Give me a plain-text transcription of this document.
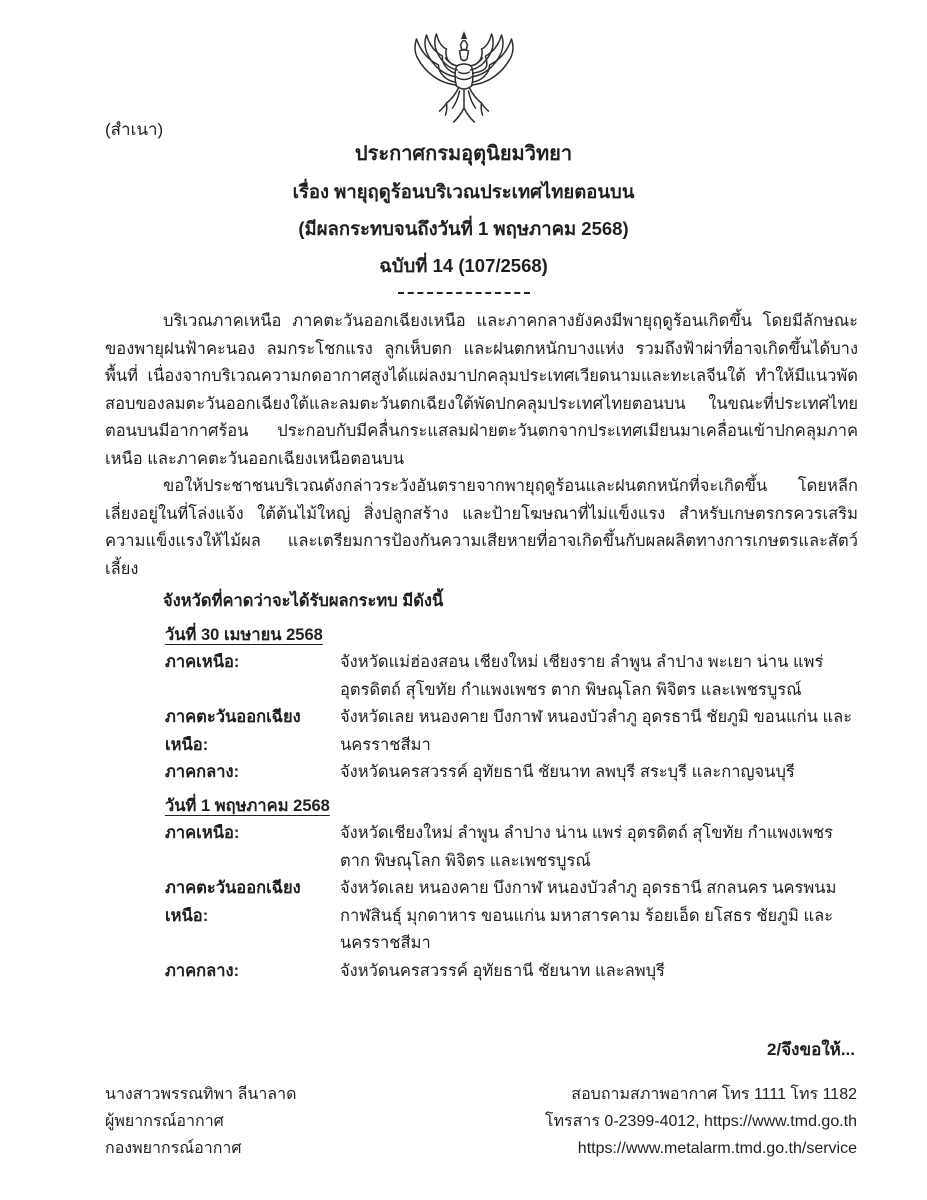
(สำเนา)
ประกาศกรมอุตุนิยมวิทยา
เรื่อง พายุฤดูร้อนบริเวณประเทศไทยตอนบน
(มีผลกระทบจนถึงวันที่ 1 พฤษภาคม 2568)
ฉบับที่ 14 (107/2568)

บริเวณภาคเหนือ ภาคตะวันออกเฉียงเหนือ และภาคกลางยังคงมีพายุฤดูร้อนเกิดขึ้น โดยมีลักษณะของพายุฝนฟ้าคะนอง ลมกระโชกแรง ลูกเห็บตก และฝนตกหนักบางแห่ง รวมถึงฟ้าผ่าที่อาจเกิดขึ้นได้บางพื้นที่ เนื่องจากบริเวณความกดอากาศสูงได้แผ่ลงมาปกคลุมประเทศเวียดนามและทะเลจีนใต้ ทำให้มีแนวพัดสอบของลมตะวันออกเฉียงใต้และลมตะวันตกเฉียงใต้พัดปกคลุมประเทศไทยตอนบน ในขณะที่ประเทศไทยตอนบนมีอากาศร้อน ประกอบกับมีคลื่นกระแสลมฝ่ายตะวันตกจากประเทศเมียนมาเคลื่อนเข้าปกคลุมภาคเหนือ และภาคตะวันออกเฉียงเหนือตอนบน

ขอให้ประชาชนบริเวณดังกล่าวระวังอันตรายจากพายุฤดูร้อนและฝนตกหนักที่จะเกิดขึ้น โดยหลีกเลี่ยงอยู่ในที่โล่งแจ้ง ใต้ต้นไม้ใหญ่ สิ่งปลูกสร้าง และป้ายโฆษณาที่ไม่แข็งแรง สำหรับเกษตรกรควรเสริมความแข็งแรงให้ไม้ผล และเตรียมการป้องกันความเสียหายที่อาจเกิดขึ้นกับผลผลิตทางการเกษตรและสัตว์เลี้ยง

จังหวัดที่คาดว่าจะได้รับผลกระทบ มีดังนี้
วันที่ 30 เมษายน 2568
ภาคเหนือ:	จังหวัดแม่ฮ่องสอน เชียงใหม่ เชียงราย ลำพูน ลำปาง พะเยา น่าน แพร่ อุตรดิตถ์ สุโขทัย กำแพงเพชร ตาก พิษณุโลก พิจิตร และเพชรบูรณ์
ภาคตะวันออกเฉียงเหนือ:
จังหวัดเลย หนองคาย บึงกาฬ หนองบัวลำภู อุดรธานี ชัยภูมิ ขอนแก่น และนครราชสีมา
ภาคกลาง:	จังหวัดนครสวรรค์ อุทัยธานี ชัยนาท ลพบุรี สระบุรี และกาญจนบุรี
วันที่ 1 พฤษภาคม 2568
ภาคเหนือ:	จังหวัดเชียงใหม่ ลำพูน ลำปาง น่าน แพร่ อุตรดิตถ์ สุโขทัย กำแพงเพชร ตาก พิษณุโลก พิจิตร และเพชรบูรณ์
ภาคตะวันออกเฉียงเหนือ:
จังหวัดเลย หนองคาย บึงกาฬ หนองบัวลำภู อุดรธานี สกลนคร นครพนม กาฬสินธุ์ มุกดาหาร ขอนแก่น มหาสารคาม ร้อยเอ็ด ยโสธร ชัยภูมิ และนครราชสีมา
ภาคกลาง:	จังหวัดนครสวรรค์ อุทัยธานี ชัยนาท และลพบุรี
2/จึงขอให้...
นางสาวพรรณทิพา ลีนาลาด
ผู้พยากรณ์อากาศ
กองพยากรณ์อากาศ
สอบถามสภาพอากาศ โทร 1111 โทร 1182
โทรสาร 0-2399-4012, https://www.tmd.go.th
https://www.metalarm.tmd.go.th/service
